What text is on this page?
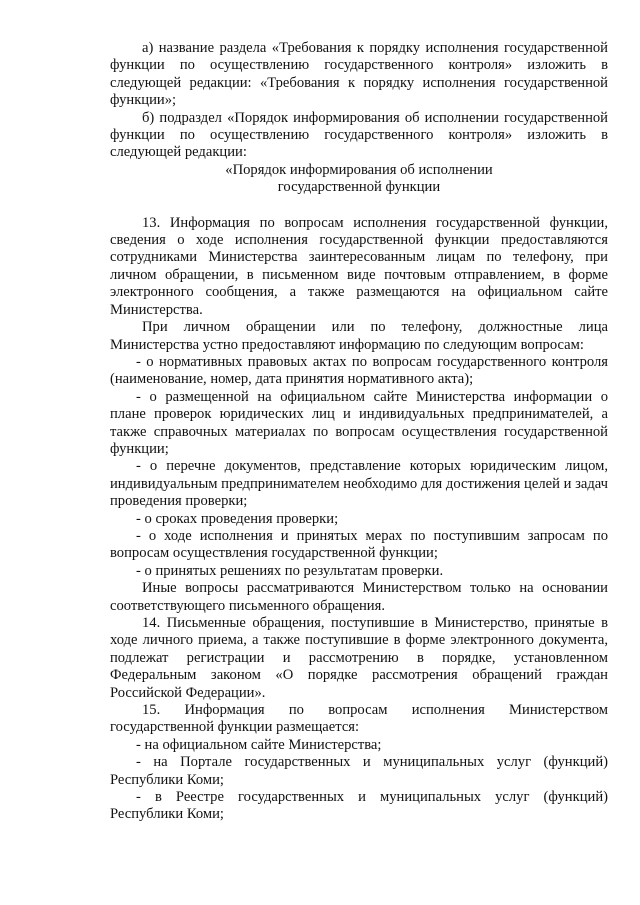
а) название раздела «Требования к порядку исполнения государственной функции по осуществлению государственного контроля» изложить в следующей редакции: «Требования к порядку исполнения государственной функции»;

б) подраздел «Порядок информирования об исполнении государственной функции по осуществлению государственного контроля» изложить в следующей редакции:

«Порядок информирования об исполнении

государственной функции

13. Информация по вопросам исполнения государственной функции, сведения о ходе исполнения государственной функции предоставляются сотрудниками Министерства заинтересованным лицам по телефону, при личном обращении, в письменном виде почтовым отправлением, в форме электронного сообщения, а также размещаются на официальном сайте Министерства.

При личном обращении или по телефону, должностные лица Министерства устно предоставляют информацию по следующим вопросам:

- о нормативных правовых актах по вопросам государственного контроля (наименование, номер, дата принятия нормативного акта);

- о размещенной на официальном сайте Министерства информации о плане проверок юридических лиц и индивидуальных предпринимателей, а также справочных материалах по вопросам осуществления государственной функции;

- о перечне документов, представление которых юридическим лицом, индивидуальным предпринимателем необходимо для достижения целей и задач проведения проверки;

- о сроках проведения проверки;

- о ходе исполнения и принятых мерах по поступившим запросам по вопросам осуществления государственной функции;

- о принятых решениях по результатам проверки.

Иные вопросы рассматриваются Министерством только на основании соответствующего письменного обращения.

14. Письменные обращения, поступившие в Министерство, принятые в ходе личного приема, а также поступившие в форме электронного документа, подлежат регистрации и рассмотрению в порядке, установленном Федеральным законом «О порядке рассмотрения обращений граждан Российской Федерации».

15. Информация по вопросам исполнения Министерством государственной функции размещается:

- на официальном сайте Министерства;

- на Портале государственных и муниципальных услуг (функций) Республики Коми;

- в Реестре государственных и муниципальных услуг (функций) Республики Коми;
